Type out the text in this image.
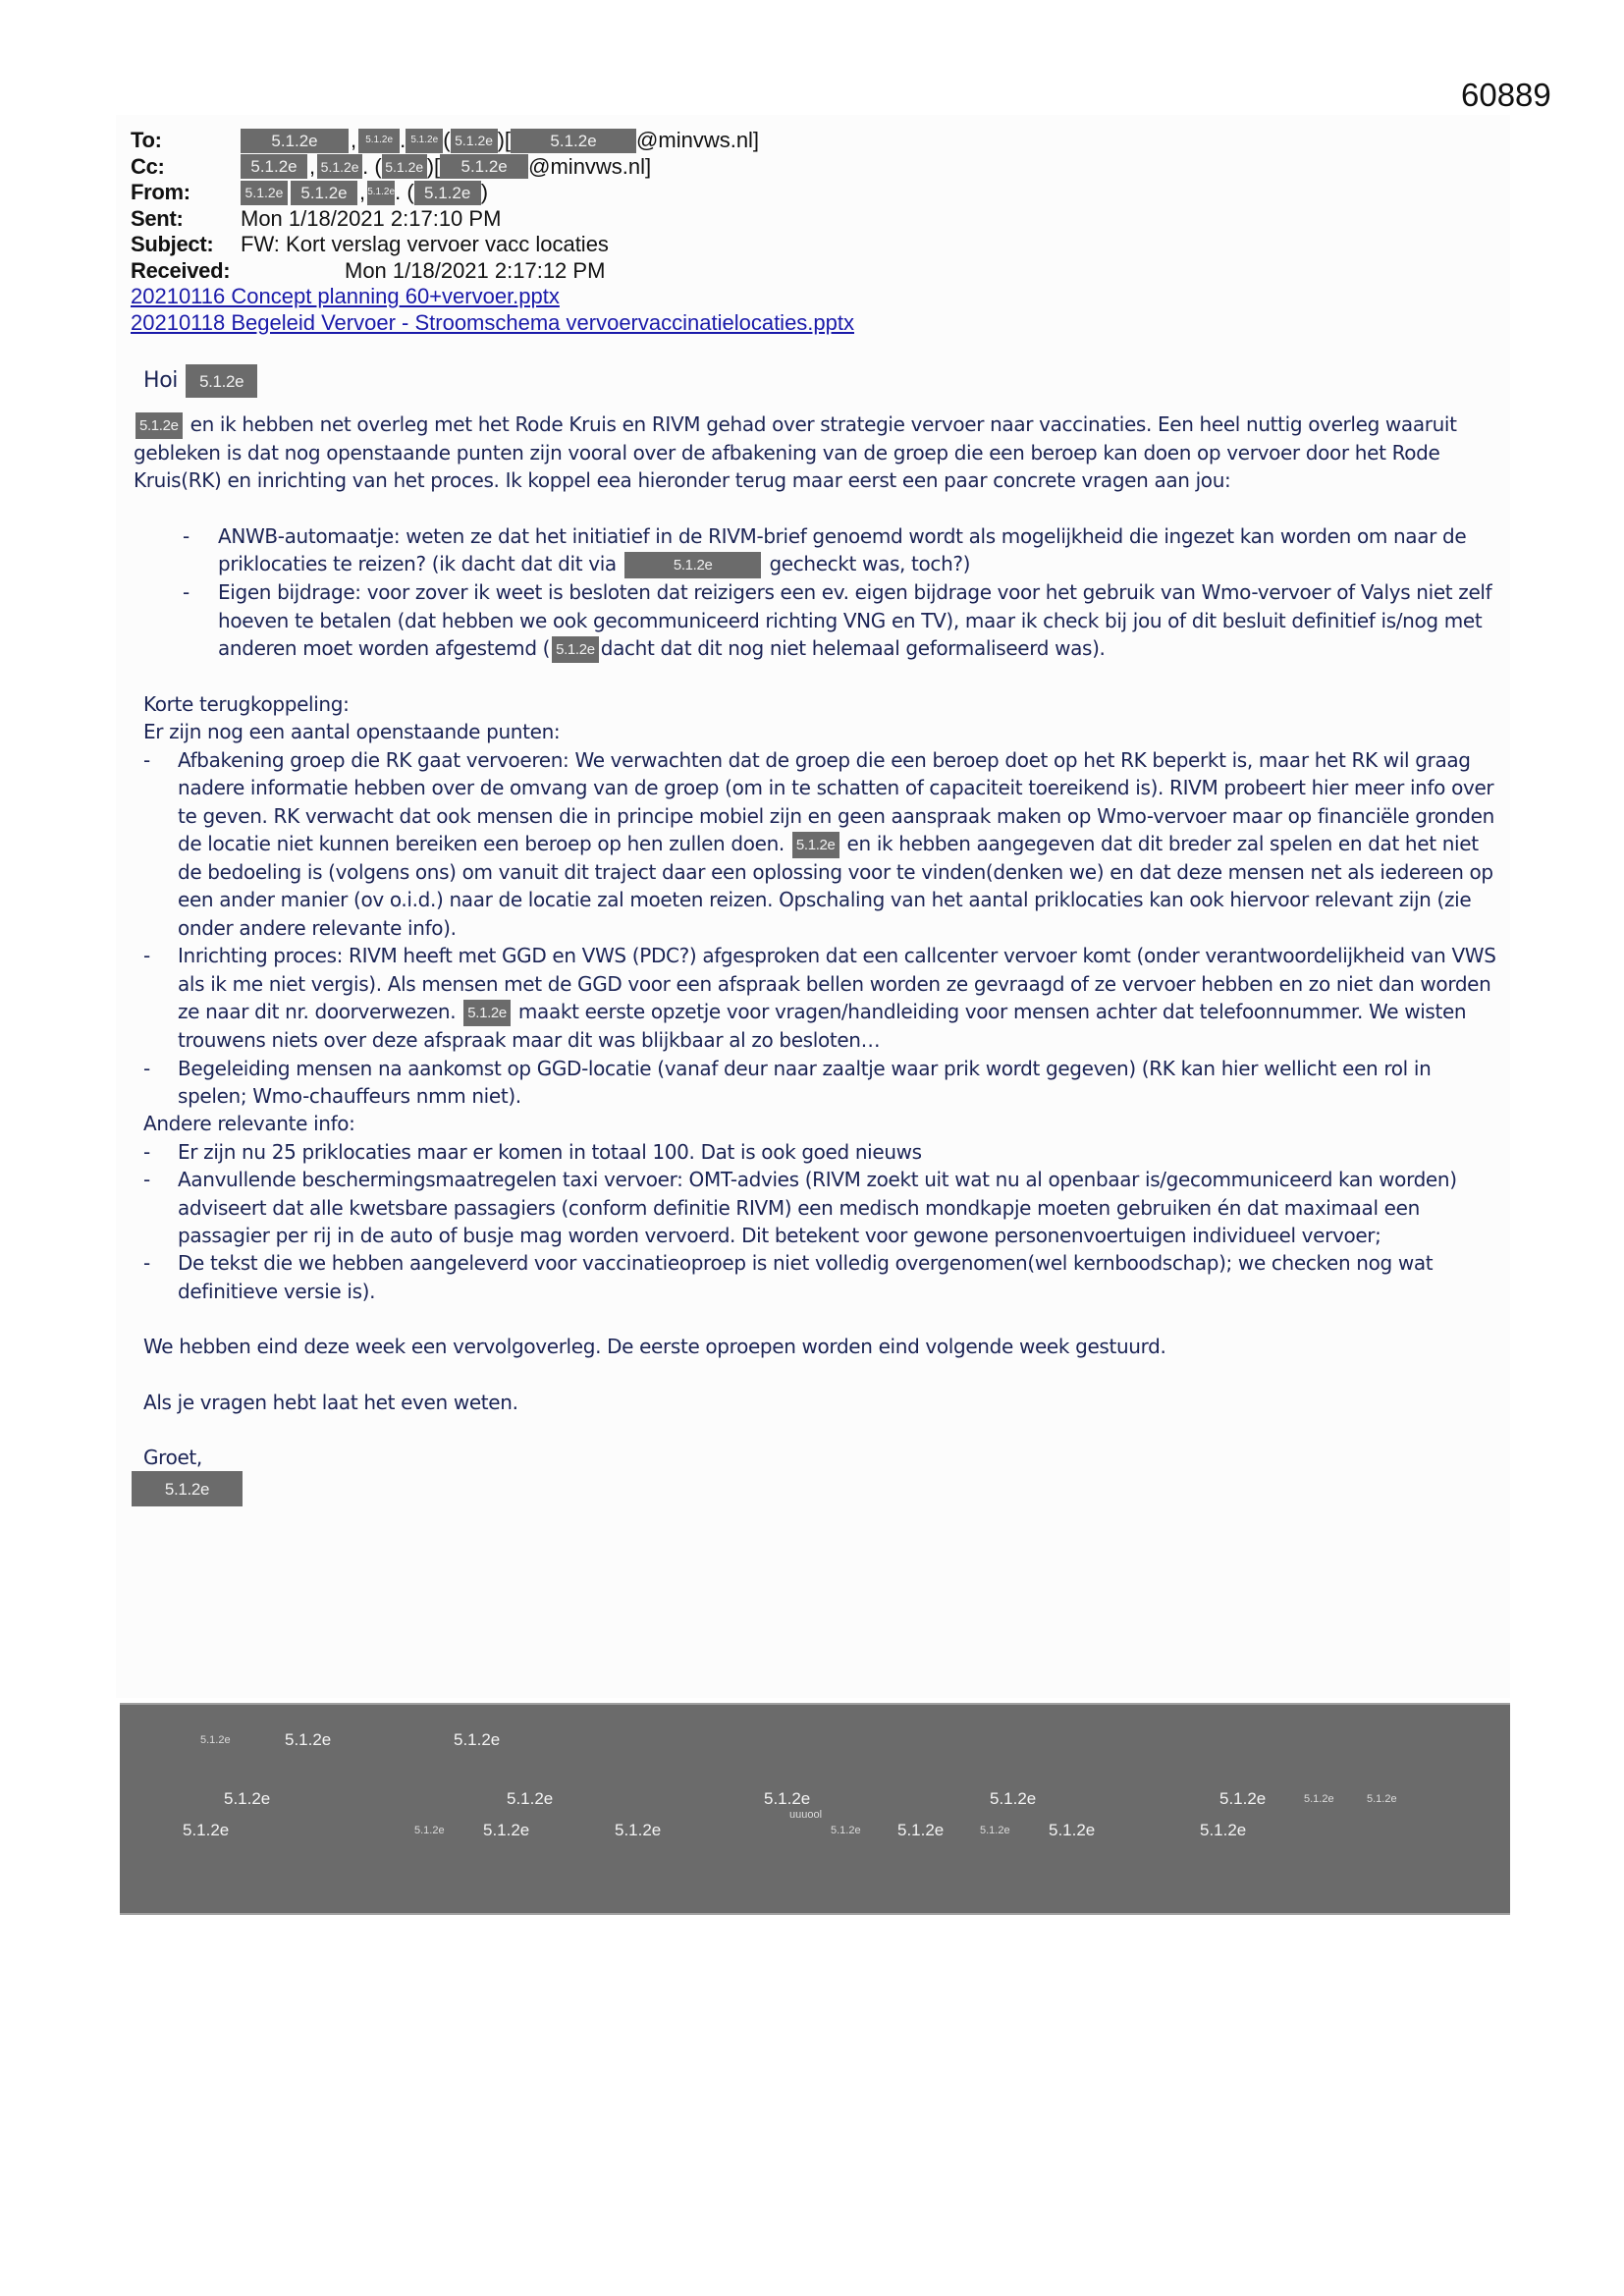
60889
To:	5.1.2e	, 5.1.2e . 5.1.2e ( 5.1.2e )[	5.1.2e	@minvws.nl]
Cc:	5.1.2e , 5.1.2e . ( 5.1.2e )[	5.1.2e @minvws.nl]
From:	5.1.2e	5.1.2e , 5.1.2e . ( 5.1.2e )
Sent:	Mon 1/18/2021 2:17:10 PM
Subject:	FW: Kort verslag vervoer vacc locaties
Received:	Mon 1/18/2021 2:17:12 PM
20210116 Concept planning 60+vervoer.pptx
20210118 Begeleid Vervoer - Stroomschema vervoervaccinatielocaties.pptx
Hoi	5.1.2e

5.1.2e en ik hebben net overleg met het Rode Kruis en RIVM gehad over strategie vervoer naar vaccinaties. Een heel nuttig overleg waaruit gebleken is dat nog openstaande punten zijn vooral over de afbakening van de groep die een beroep kan doen op vervoer door het Rode Kruis(RK) en inrichting van het proces. Ik koppel eea hieronder terug maar eerst een paar concrete vragen aan jou:

- ANWB-automaatje: weten ze dat het initiatief in de RIVM-brief genoemd wordt als mogelijkheid die ingezet kan worden om naar de priklocaties te reizen? (ik dacht dat dit via	5.1.2e	gecheckt was, toch?)
- Eigen bijdrage: voor zover ik weet is besloten dat reizigers een ev. eigen bijdrage voor het gebruik van Wmo-vervoer of Valys niet zelf hoeven te betalen (dat hebben we ook gecommuniceerd richting VNG en TV), maar ik check bij jou of dit besluit definitief is/nog met anderen moet worden afgestemd ( 5.1.2e dacht dat dit nog niet helemaal geformaliseerd was).

Korte terugkoppeling:

Er zijn nog een aantal openstaande punten:

- Afbakening groep die RK gaat vervoeren: We verwachten dat de groep die een beroep doet op het RK beperkt is, maar het RK wil graag nadere informatie hebben over de omvang van de groep (om in te schatten of capaciteit toereikend is). RIVM probeert hier meer info over te geven. RK verwacht dat ook mensen die in principe mobiel zijn en geen aanspraak maken op Wmo-vervoer maar op financiële gronden de locatie niet kunnen bereiken een beroep op hen zullen doen. 5.1.2e en ik hebben aangegeven dat dit breder zal spelen en dat het niet de bedoeling is (volgens ons) om vanuit dit traject daar een oplossing voor te vinden(denken we) en dat deze mensen net als iedereen op een ander manier (ov o.i.d.) naar de locatie zal moeten reizen. Opschaling van het aantal priklocaties kan ook hiervoor relevant zijn (zie onder andere relevante info).
- Inrichting proces: RIVM heeft met GGD en VWS (PDC?) afgesproken dat een callcenter vervoer komt (onder verantwoordelijkheid van VWS als ik me niet vergis). Als mensen met de GGD voor een afspraak bellen worden ze gevraagd of ze vervoer hebben en zo niet dan worden ze naar dit nr. doorverwezen. 5.1.2e maakt eerste opzetje voor vragen/handleiding voor mensen achter dat telefoonnummer. We wisten trouwens niets over deze afspraak maar dit was blijkbaar al zo besloten…
- Begeleiding mensen na aankomst op GGD-locatie (vanaf deur naar zaaltje waar prik wordt gegeven) (RK kan hier wellicht een rol in spelen; Wmo-chauffeurs nmm niet).

Andere relevante info:

- Er zijn nu 25 priklocaties maar er komen in totaal 100. Dat is ook goed nieuws
- Aanvullende beschermingsmaatregelen taxi vervoer: OMT-advies (RIVM zoekt uit wat nu al openbaar is/gecommuniceerd kan worden) adviseert dat alle kwetsbare passagiers (conform definitie RIVM) een medisch mondkapje moeten gebruiken én dat maximaal een passagier per rij in de auto of busje mag worden vervoerd. Dit betekent voor gewone personenvoertuigen individueel vervoer;
- De tekst die we hebben aangeleverd voor vaccinatieoproep is niet volledig overgenomen(wel kernboodschap); we checken nog wat definitieve versie is).

We hebben eind deze week een vervolgoverleg. De eerste oproepen worden eind volgende week gestuurd.

Als je vragen hebt laat het even weten.

Groet,

5.1.2e
5.1.2e	5.1.2e	5.1.2e
5.1.2e	5.1.2e	5.1.2e	5.1.2e	5.1.2e	5.1.2e	5.1.2e
uuuool
5.1.2e	5.1.2e 5.1.2e	5.1.2e	5.1.2e 5.1.2e	5.1.2e 5.1.2e	5.1.2e
